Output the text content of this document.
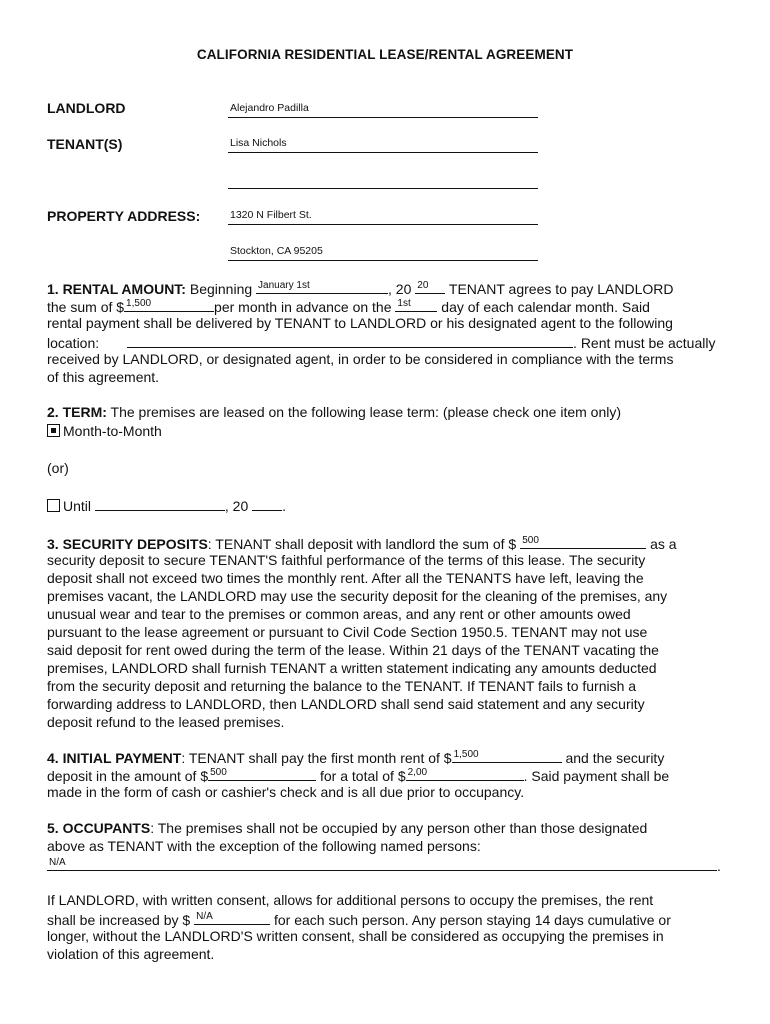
CALIFORNIA RESIDENTIAL LEASE/RENTAL AGREEMENT
LANDLORD	Alejandro Padilla
TENANT(S)	Lisa Nichols
PROPERTY ADDRESS:	1320 N Filbert St.
Stockton, CA 95205
1. RENTAL AMOUNT: Beginning January 1st	, 20 20 TENANT agrees to pay LANDLORD
the sum of $ 1,500	per month in advance on the 1st day of each calendar month. Said
rental payment shall be delivered by TENANT to LANDLORD or his designated agent to the following
location:	. Rent must be actually
received by LANDLORD, or designated agent, in order to be considered in compliance with the terms
of this agreement.
2. TERM: The premises are leased on the following lease term: (please check one item only)
Month-to-Month
(or)
Until	, 20 .
3. SECURITY DEPOSITS: TENANT shall deposit with landlord the sum of $ 500	as a
security deposit to secure TENANT'S faithful performance of the terms of this lease. The security
deposit shall not exceed two times the monthly rent. After all the TENANTS have left, leaving the
premises vacant, the LANDLORD may use the security deposit for the cleaning of the premises, any
unusual wear and tear to the premises or common areas, and any rent or other amounts owed
pursuant to the lease agreement or pursuant to Civil Code Section 1950.5. TENANT may not use
said deposit for rent owed during the term of the lease. Within 21 days of the TENANT vacating the
premises, LANDLORD shall furnish TENANT a written statement indicating any amounts deducted
from the security deposit and returning the balance to the TENANT. If TENANT fails to furnish a
forwarding address to LANDLORD, then LANDLORD shall send said statement and any security
deposit refund to the leased premises.
4. INITIAL PAYMENT: TENANT shall pay the first month rent of $ 1,500	and the security
deposit in the amount of $ 500	for a total of $ 2,00	. Said payment shall be
made in the form of cash or cashier's check and is all due prior to occupancy.
5. OCCUPANTS: The premises shall not be occupied by any person other than those designated
above as TENANT with the exception of the following named persons:
N/A	.
If LANDLORD, with written consent, allows for additional persons to occupy the premises, the rent
shall be increased by $ N/A	for each such person. Any person staying 14 days cumulative or
longer, without the LANDLORD'S written consent, shall be considered as occupying the premises in
violation of this agreement.
